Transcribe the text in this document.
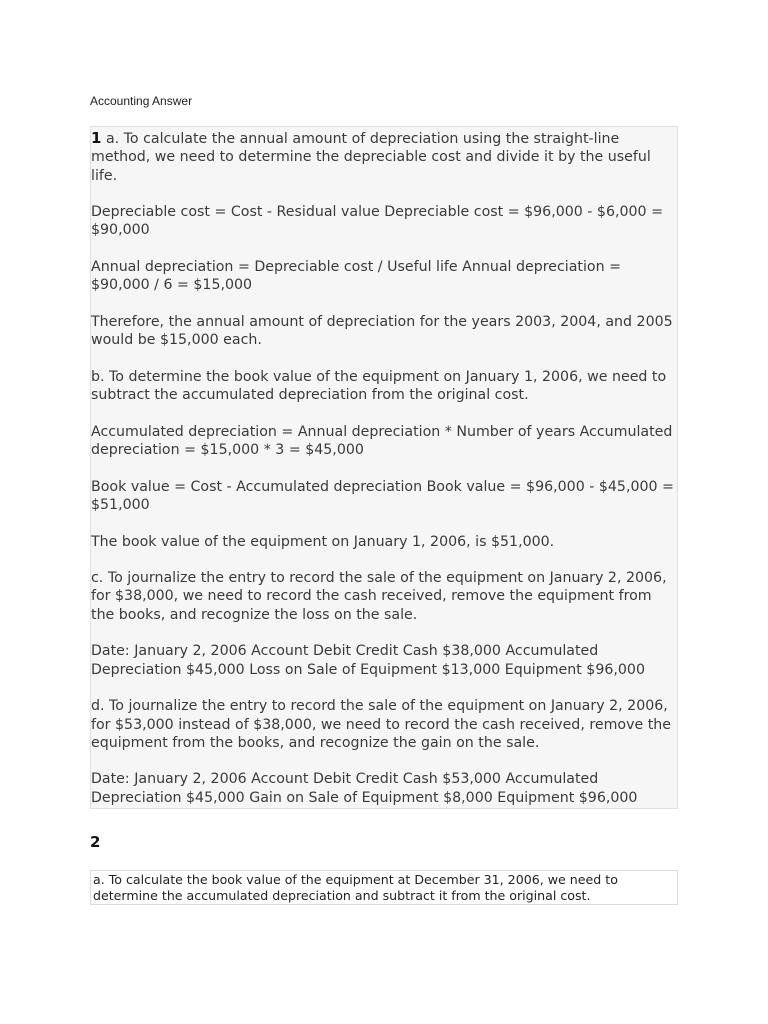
Accounting Answer

1 a. To calculate the annual amount of depreciation using the straight-line method, we need to determine the depreciable cost and divide it by the useful life.

Depreciable cost = Cost - Residual value Depreciable cost = $96,000 - $6,000 = $90,000

Annual depreciation = Depreciable cost / Useful life Annual depreciation = $90,000 / 6 = $15,000

Therefore, the annual amount of depreciation for the years 2003, 2004, and 2005 would be $15,000 each.

b. To determine the book value of the equipment on January 1, 2006, we need to subtract the accumulated depreciation from the original cost.

Accumulated depreciation = Annual depreciation * Number of years Accumulated depreciation = $15,000 * 3 = $45,000

Book value = Cost - Accumulated depreciation Book value = $96,000 - $45,000 = $51,000

The book value of the equipment on January 1, 2006, is $51,000.

c. To journalize the entry to record the sale of the equipment on January 2, 2006, for $38,000, we need to record the cash received, remove the equipment from the books, and recognize the loss on the sale.

Date: January 2, 2006 Account Debit Credit Cash $38,000 Accumulated Depreciation $45,000 Loss on Sale of Equipment $13,000 Equipment $96,000

d. To journalize the entry to record the sale of the equipment on January 2, 2006, for $53,000 instead of $38,000, we need to record the cash received, remove the equipment from the books, and recognize the gain on the sale.

Date: January 2, 2006 Account Debit Credit Cash $53,000 Accumulated Depreciation $45,000 Gain on Sale of Equipment $8,000 Equipment $96,000

2

a. To calculate the book value of the equipment at December 31, 2006, we need to determine the accumulated depreciation and subtract it from the original cost.
